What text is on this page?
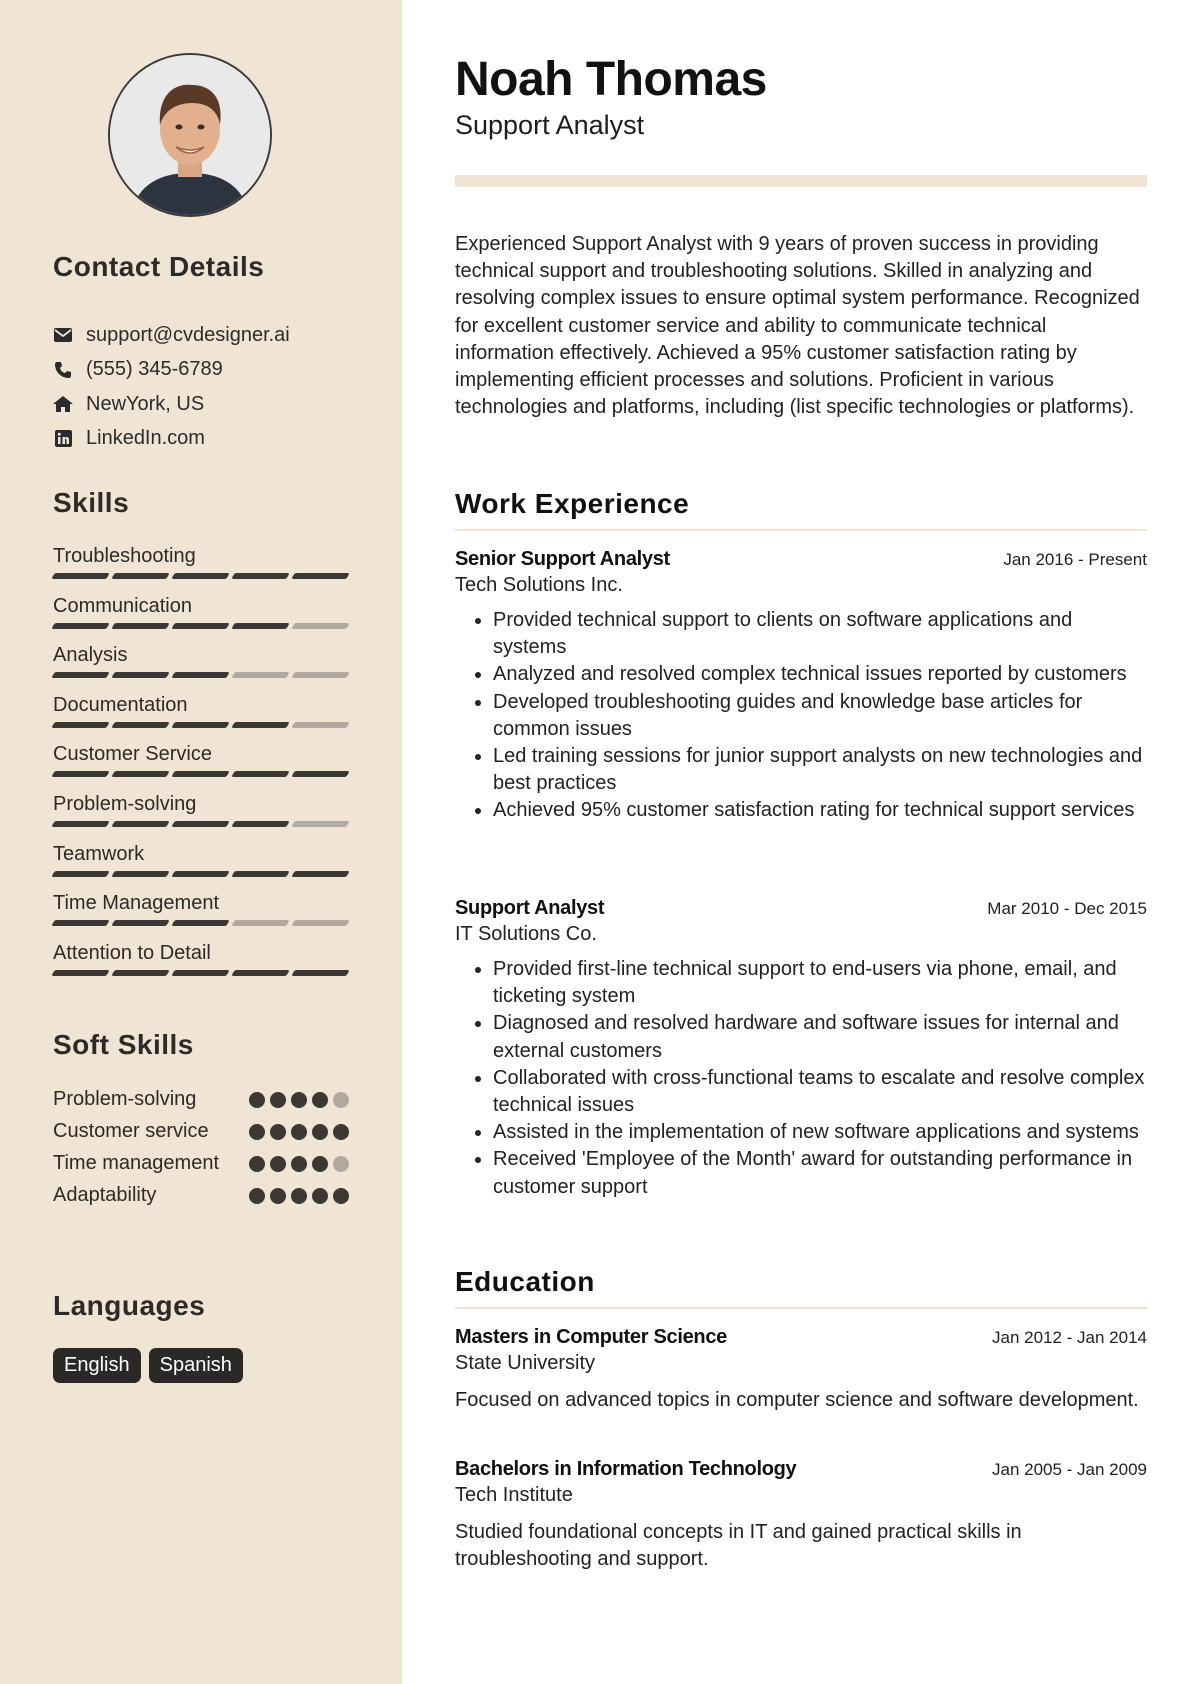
Contact Details
support@cvdesigner.ai
(555) 345-6789
NewYork, US
LinkedIn.com
Skills
Troubleshooting
Communication
Analysis
Documentation
Customer Service
Problem-solving
Teamwork
Time Management
Attention to Detail
Soft Skills
Problem-solving
Customer service
Time management
Adaptability
Languages
English	Spanish
Noah Thomas
Support Analyst

Experienced Support Analyst with 9 years of proven success in providing technical support and troubleshooting solutions. Skilled in analyzing and resolving complex issues to ensure optimal system performance. Recognized for excellent customer service and ability to communicate technical information effectively. Achieved a 95% customer satisfaction rating by implementing efficient processes and solutions. Proficient in various technologies and platforms, including (list specific technologies or platforms).

Work Experience
Senior Support Analyst	Jan 2016 - Present
Tech Solutions Inc.
• Provided technical support to clients on software applications and systems
• Analyzed and resolved complex technical issues reported by customers
• Developed troubleshooting guides and knowledge base articles for common issues
• Led training sessions for junior support analysts on new technologies and best practices
• Achieved 95% customer satisfaction rating for technical support services
Support Analyst	Mar 2010 - Dec 2015
IT Solutions Co.
• Provided first-line technical support to end-users via phone, email, and ticketing system
• Diagnosed and resolved hardware and software issues for internal and external customers
• Collaborated with cross-functional teams to escalate and resolve complex technical issues
• Assisted in the implementation of new software applications and systems
• Received 'Employee of the Month' award for outstanding performance in customer support
Education
Masters in Computer Science	Jan 2012 - Jan 2014
State University

Focused on advanced topics in computer science and software development.

Bachelors in Information Technology	Jan 2005 - Jan 2009
Tech Institute

Studied foundational concepts in IT and gained practical skills in troubleshooting and support.
